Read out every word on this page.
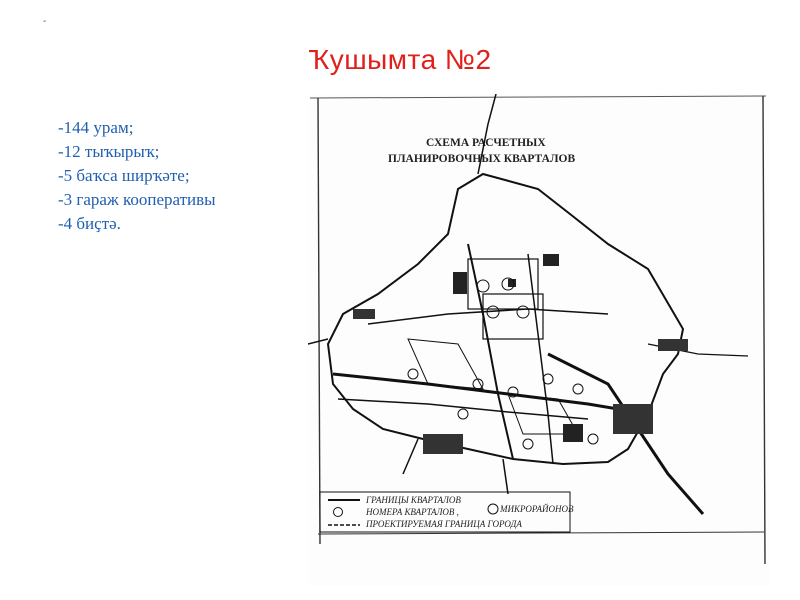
-
Ҡушымта №2
-144 урам;
-12 тыҡырыҡ;
-5 баҡса ширҡәте;
-3 гараж кооперативы
-4 биҫтә.
СХЕМА РАСЧЕТНЫХ
ПЛАНИРОВОЧНЫХ КВАРТАЛОВ
ГРАНИЦЫ КВАРТАЛОВ
НОМЕРА КВАРТАЛОВ ,	МИКРОРАЙОНОВ
ПРОЕКТИРУЕМАЯ ГРАНИЦА ГОРОДА
